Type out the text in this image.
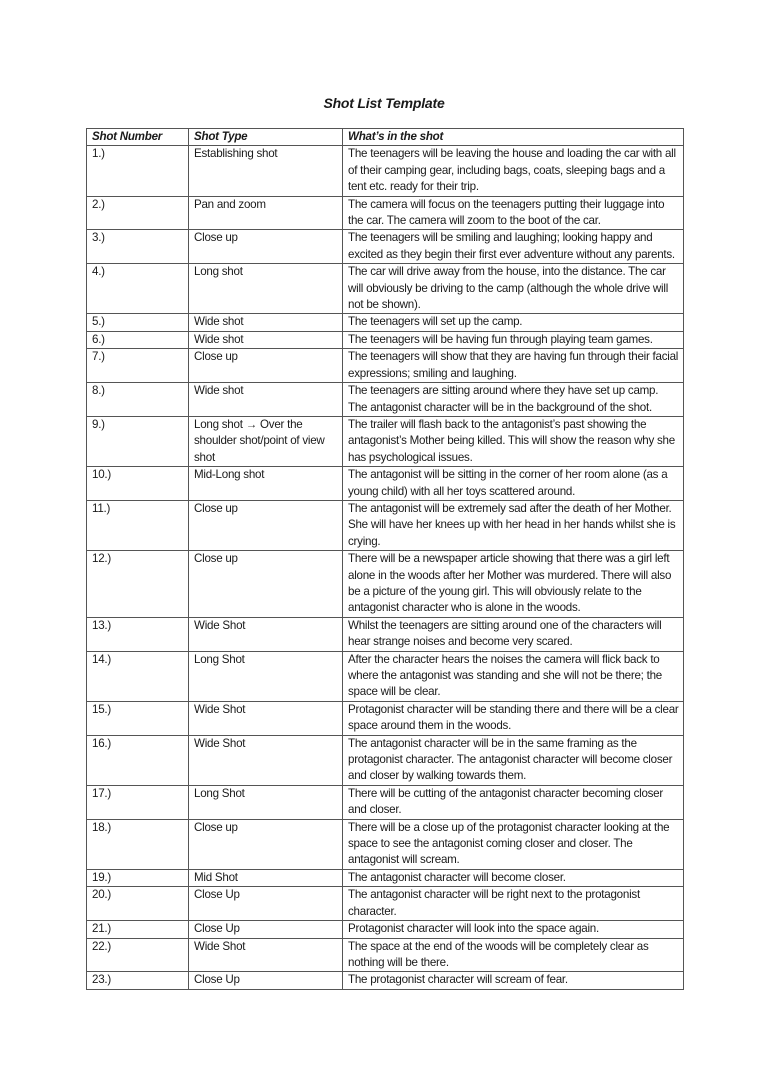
Shot List Template
Shot Number	Shot Type	What’s in the shot
1.)	Establishing shot	The teenagers will be leaving the house and loading the car with all of their camping gear, including bags, coats, sleeping bags and a tent etc. ready for their trip.
2.)	Pan and zoom	The camera will focus on the teenagers putting their luggage into the car. The camera will zoom to the boot of the car.
3.)	Close up	The teenagers will be smiling and laughing; looking happy and excited as they begin their first ever adventure without any parents.
4.)	Long shot	The car will drive away from the house, into the distance. The car will obviously be driving to the camp (although the whole drive will not be shown).
5.)	Wide shot	The teenagers will set up the camp.
6.)	Wide shot	The teenagers will be having fun through playing team games.
7.)	Close up	The teenagers will show that they are having fun through their facial expressions; smiling and laughing.
8.)	Wide shot	The teenagers are sitting around where they have set up camp. The antagonist character will be in the background of the shot.
9.)	Long shot → Over the shoulder shot/point of view shot	The trailer will flash back to the antagonist’s past showing the antagonist’s Mother being killed. This will show the reason why she has psychological issues.
10.)	Mid-Long shot	The antagonist will be sitting in the corner of her room alone (as a young child) with all her toys scattered around.
11.)	Close up	The antagonist will be extremely sad after the death of her Mother. She will have her knees up with her head in her hands whilst she is crying.
12.)	Close up	There will be a newspaper article showing that there was a girl left alone in the woods after her Mother was murdered. There will also be a picture of the young girl. This will obviously relate to the antagonist character who is alone in the woods.
13.)	Wide Shot	Whilst the teenagers are sitting around one of the characters will hear strange noises and become very scared.
14.)	Long Shot	After the character hears the noises the camera will flick back to where the antagonist was standing and she will not be there; the space will be clear.
15.)	Wide Shot	Protagonist character will be standing there and there will be a clear space around them in the woods.
16.)	Wide Shot	The antagonist character will be in the same framing as the protagonist character. The antagonist character will become closer and closer by walking towards them.
17.)	Long Shot	There will be cutting of the antagonist character becoming closer and closer.
18.)	Close up	There will be a close up of the protagonist character looking at the space to see the antagonist coming closer and closer. The antagonist will scream.
19.)	Mid Shot	The antagonist character will become closer.
20.)	Close Up	The antagonist character will be right next to the protagonist character.
21.)	Close Up	Protagonist character will look into the space again.
22.)	Wide Shot	The space at the end of the woods will be completely clear as nothing will be there.
23.)	Close Up	The protagonist character will scream of fear.
